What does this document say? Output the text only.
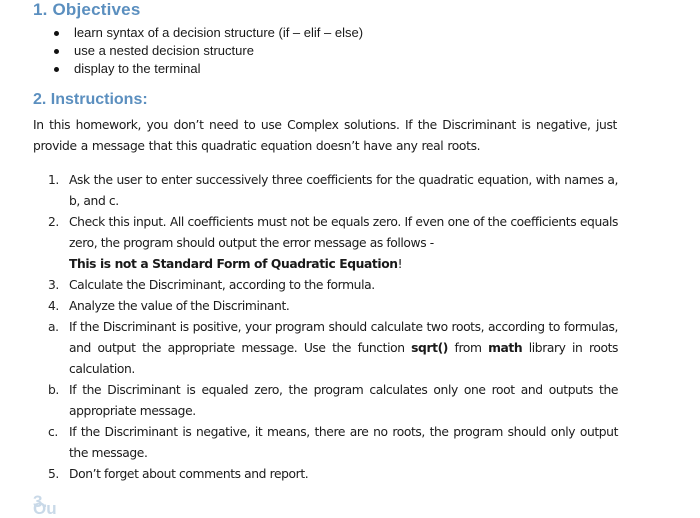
1. Objectives
learn syntax of a decision structure (if – elif – else)
use a nested decision structure
display to the terminal
2. Instructions:
In this homework, you don’t need to use Complex solutions. If the Discriminant is negative, just provide a message that this quadratic equation doesn’t have any real roots.
1. Ask the user to enter successively three coefficients for the quadratic equation, with names a, b, and c.
2. Check this input. All coefficients must not be equals zero. If even one of the coefficients equals zero, the program should output the error message as follows -
This is not a Standard Form of Quadratic Equation!
3. Calculate the Discriminant, according to the formula.
4. Analyze the value of the Discriminant.
a. If the Discriminant is positive, your program should calculate two roots, according to formulas, and output the appropriate message. Use the function sqrt() from math library in roots calculation.
b. If the Discriminant is equaled zero, the program calculates only one root and outputs the appropriate message.
c. If the Discriminant is negative, it means, there are no roots, the program should only output the message.
5. Don’t forget about comments and report.
3. Ou
